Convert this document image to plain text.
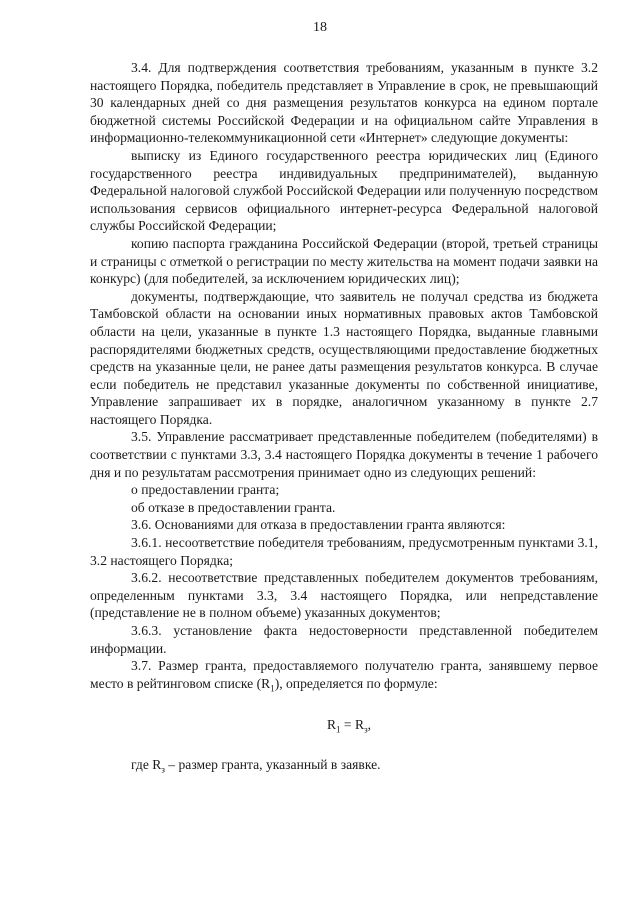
18

3.4. Для подтверждения соответствия требованиям, указанным в пункте 3.2 настоящего Порядка, победитель представляет в Управление в срок, не превышающий 30 календарных дней со дня размещения результатов конкурса на едином портале бюджетной системы Российской Федерации и на официальном сайте Управления в информационно-телекоммуникационной сети «Интернет» следующие документы:

выписку из Единого государственного реестра юридических лиц (Единого государственного реестра индивидуальных предпринимателей), выданную Федеральной налоговой службой Российской Федерации или полученную посредством использования сервисов официального интернет-ресурса Федеральной налоговой службы Российской Федерации;

копию паспорта гражданина Российской Федерации (второй, третьей страницы и страницы с отметкой о регистрации по месту жительства на момент подачи заявки на конкурс) (для победителей, за исключением юридических лиц);

документы, подтверждающие, что заявитель не получал средства из бюджета Тамбовской области на основании иных нормативных правовых актов Тамбовской области на цели, указанные в пункте 1.3 настоящего Порядка, выданные главными распорядителями бюджетных средств, осуществляющими предоставление бюджетных средств на указанные цели, не ранее даты размещения результатов конкурса. В случае если победитель не представил указанные документы по собственной инициативе, Управление запрашивает их в порядке, аналогичном указанному в пункте 2.7 настоящего Порядка.

3.5. Управление рассматривает представленные победителем (победителями) в соответствии с пунктами 3.3, 3.4 настоящего Порядка документы в течение 1 рабочего дня и по результатам рассмотрения принимает одно из следующих решений:

о предоставлении гранта;

об отказе в предоставлении гранта.

3.6. Основаниями для отказа в предоставлении гранта являются:

3.6.1. несоответствие победителя требованиям, предусмотренным пунктами 3.1, 3.2 настоящего Порядка;

3.6.2. несоответствие представленных победителем документов требованиям, определенным пунктами 3.3, 3.4 настоящего Порядка, или непредставление (представление не в полном объеме) указанных документов;

3.6.3. установление факта недостоверности представленной победителем информации.

3.7. Размер гранта, предоставляемого получателю гранта, занявшему первое место в рейтинговом списке $(R_1)$, определяется по формуле:

$R_1 = R_з$,

где $R_з$ – размер гранта, указанный в заявке.
